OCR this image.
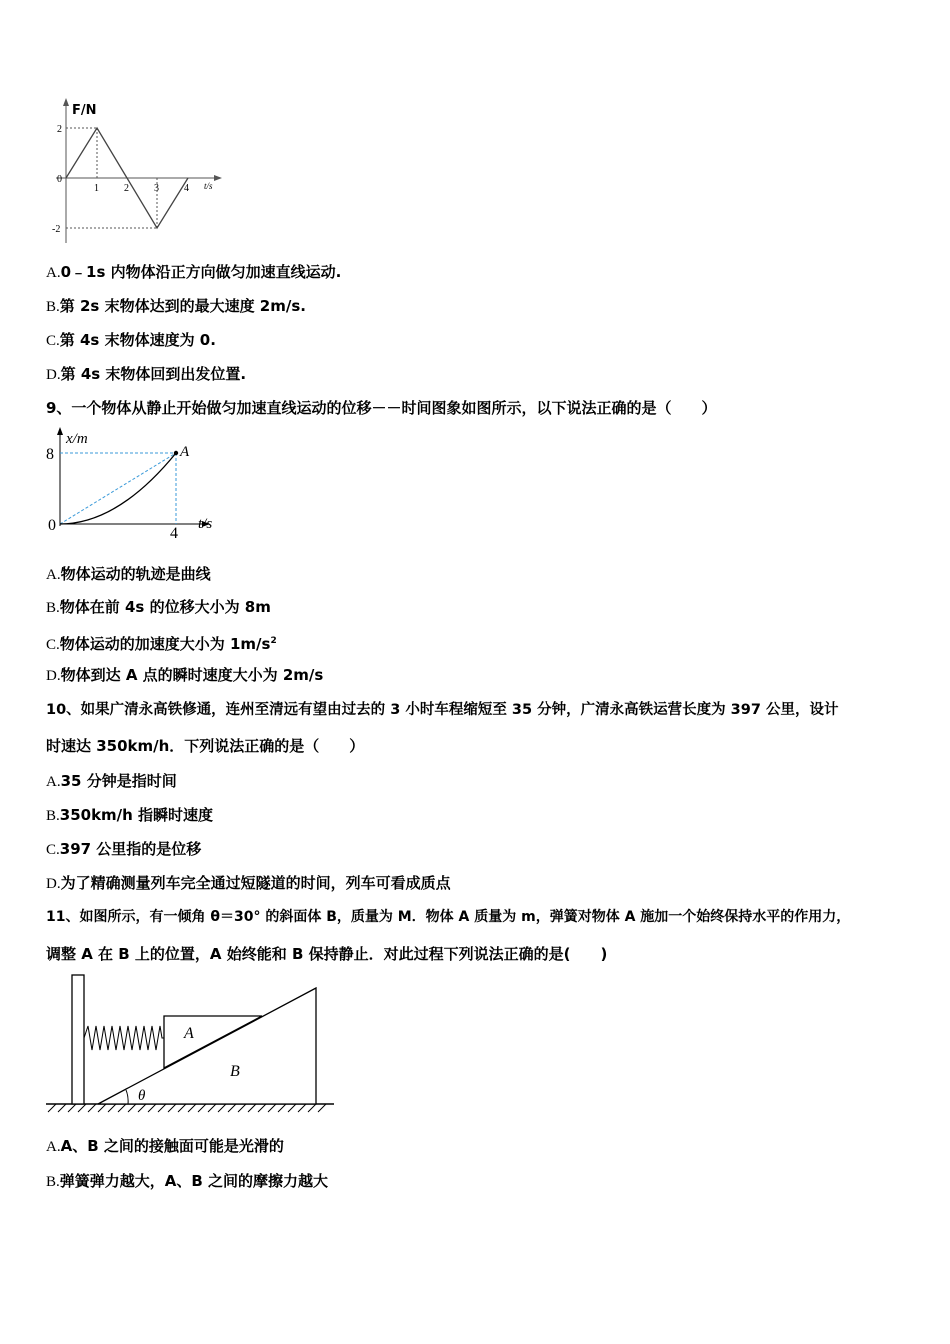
F/N
t/s
2
0
-2
1	2	3	4
A.0﹣1s 内物体沿正方向做匀加速直线运动.
B.第 2s 末物体达到的最大速度 2m/s.
C.第 4s 末物体速度为 0.
D.第 4s 末物体回到出发位置.
9、一个物体从静止开始做匀加速直线运动的位移－－时间图象如图所示，以下说法正确的是（　　）
x/m
t/s
8
0	4
A
A.物体运动的轨迹是曲线
B.物体在前 4s 的位移大小为 8m
C.物体运动的加速度大小为 $1m/s^2$
D.物体到达 A 点的瞬时速度大小为 2m/s
10、如果广清永高铁修通，连州至清远有望由过去的 3 小时车程缩短至 35 分钟，广清永高铁运营长度为 397 公里，设计
时速达 350km/h．下列说法正确的是（　　）
A.35 分钟是指时间
B.350km/h 指瞬时速度
C.397 公里指的是位移
D.为了精确测量列车完全通过短隧道的时间，列车可看成质点
11、如图所示，有一倾角 θ＝30° 的斜面体 B，质量为 M．物体 A 质量为 m，弹簧对物体 A 施加一个始终保持水平的作用力，
调整 A 在 B 上的位置，A 始终能和 B 保持静止．对此过程下列说法正确的是(　　)
A
B
θ
A.A、B 之间的接触面可能是光滑的
B.弹簧弹力越大，A、B 之间的摩擦力越大
